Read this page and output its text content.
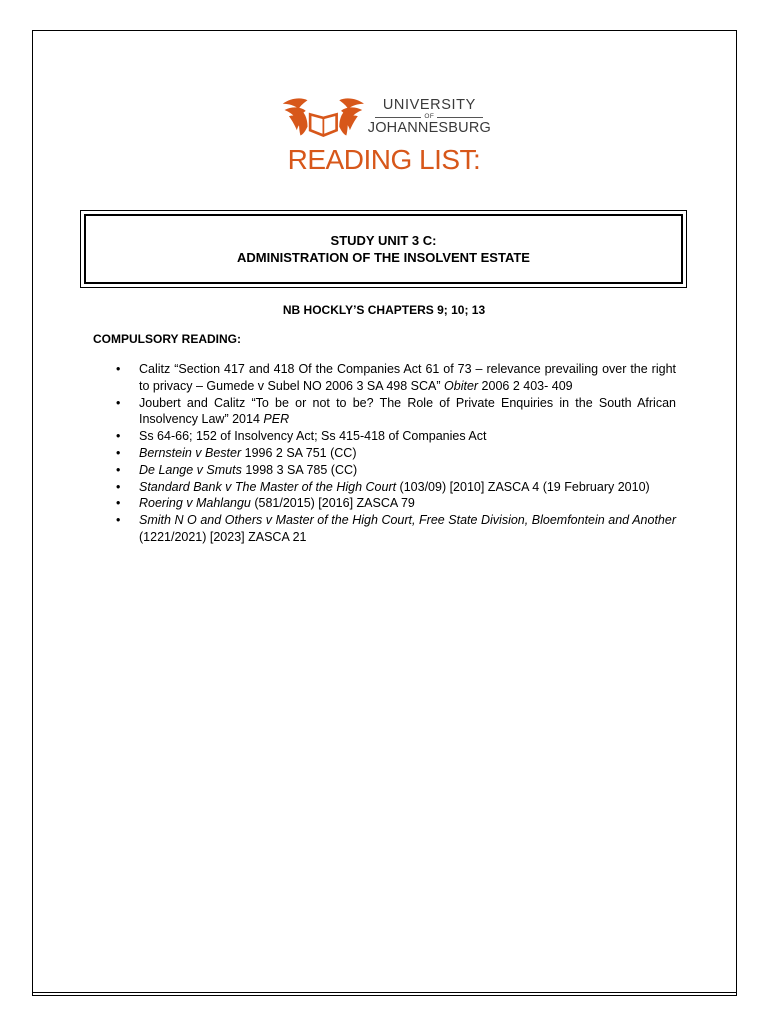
UNIVERSITY
OF
JOHANNESBURG
READING LIST:
STUDY UNIT 3 C:
ADMINISTRATION OF THE INSOLVENT ESTATE
NB HOCKLY’S CHAPTERS 9; 10; 13
COMPULSORY READING:
• Calitz “Section 417 and 418 Of the Companies Act 61 of 73 – relevance prevailing over the right to privacy – Gumede v Subel NO 2006 3 SA 498 SCA” Obiter 2006 2 403- 409
• Joubert and Calitz “To be or not to be? The Role of Private Enquiries in the South African Insolvency Law” 2014 PER
• Ss 64-66; 152 of Insolvency Act; Ss 415-418 of Companies Act
• Bernstein v Bester 1996 2 SA 751 (CC)
• De Lange v Smuts 1998 3 SA 785 (CC)
• Standard Bank v The Master of the High Court (103/09) [2010] ZASCA 4 (19 February 2010)
• Roering v Mahlangu (581/2015) [2016] ZASCA 79
• Smith N O and Others v Master of the High Court, Free State Division, Bloemfontein and Another (1221/2021) [2023] ZASCA 21
